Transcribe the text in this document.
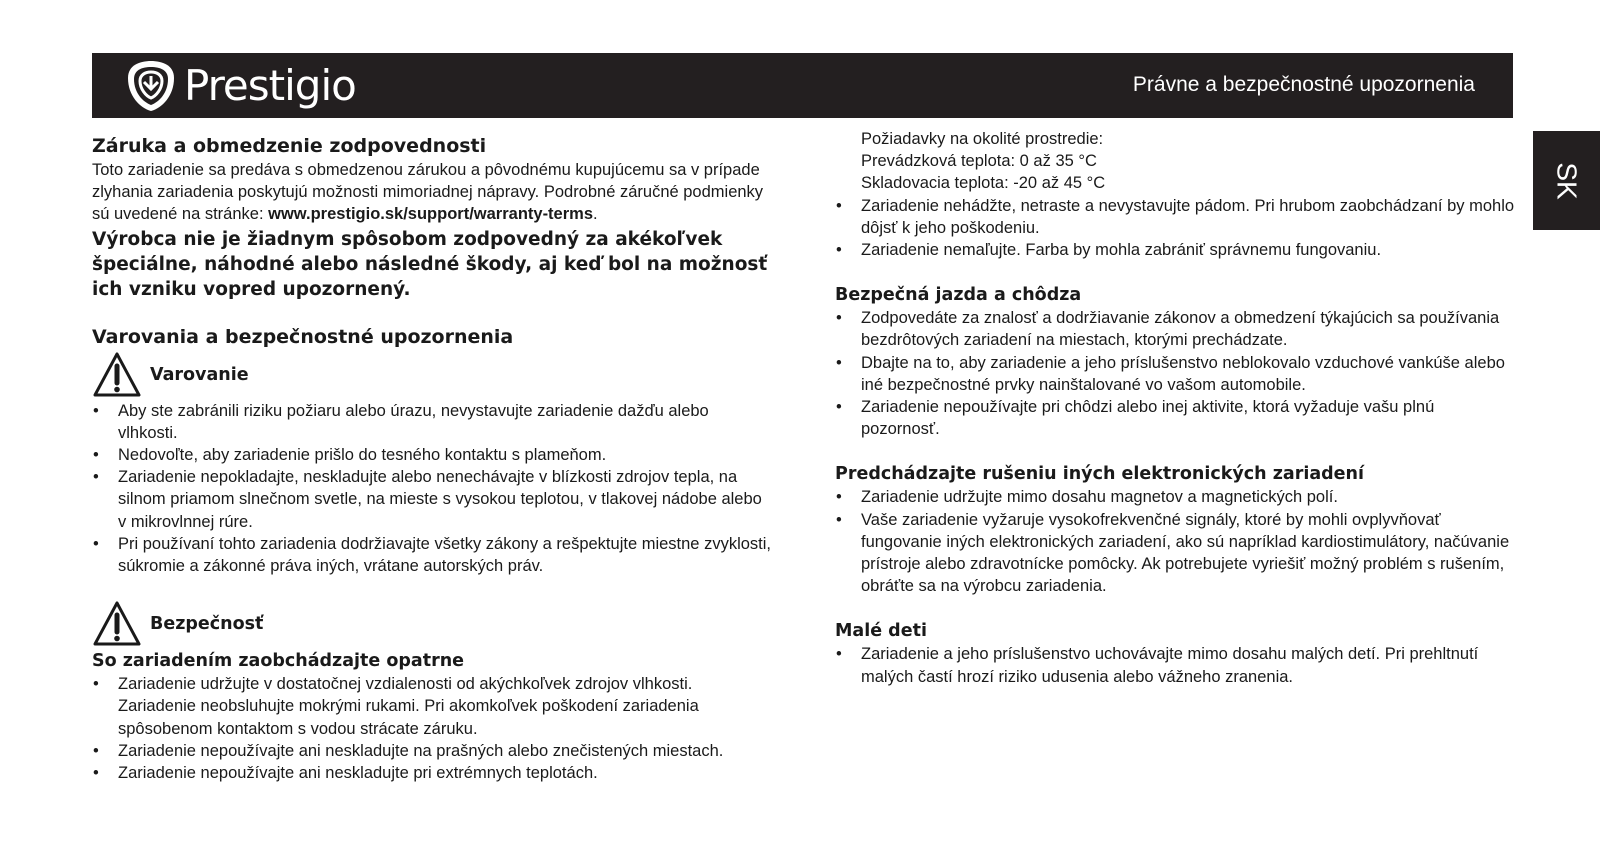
Prestigio	Právne a bezpečnostné upozornenia
SK
Záruka a obmedzenie zodpovednosti

Toto zariadenie sa predáva s obmedzenou zárukou a pôvodnému kupujúcemu sa v prípade zlyhania zariadenia poskytujú možnosti mimoriadnej nápravy. Podrobné záručné podmienky sú uvedené na stránke: www.prestigio.sk/support/warranty-terms.

Výrobca nie je žiadnym spôsobom zodpovedný za akékoľvek špeciálne, náhodné alebo následné škody, aj keď bol na možnosť ich vzniku vopred upozornený.

Varovania a bezpečnostné upozornenia
Varovanie
• Aby ste zabránili riziku požiaru alebo úrazu, nevystavujte zariadenie dažďu alebo vlhkosti.
• Nedovoľte, aby zariadenie prišlo do tesného kontaktu s plameňom.
• Zariadenie nepokladajte, neskladujte alebo nenechávajte v blízkosti zdrojov tepla, na silnom priamom slnečnom svetle, na mieste s vysokou teplotou, v tlakovej nádobe alebo v mikrovlnnej rúre.
• Pri používaní tohto zariadenia dodržiavajte všetky zákony a rešpektujte miestne zvyklosti, súkromie a zákonné práva iných, vrátane autorských práv.
Bezpečnosť
So zariadením zaobchádzajte opatrne
• Zariadenie udržujte v dostatočnej vzdialenosti od akýchkoľvek zdrojov vlhkosti. Zariadenie neobsluhujte mokrými rukami. Pri akomkoľvek poškodení zariadenia spôsobenom kontaktom s vodou strácate záruku.
• Zariadenie nepoužívajte ani neskladujte na prašných alebo znečistených miestach.
• Zariadenie nepoužívajte ani neskladujte pri extrémnych teplotách.

Požiadavky na okolité prostredie:

Prevádzková teplota: 0 až 35 °C

Skladovacia teplota: -20 až 45 °C

• Zariadenie nehádžte, netraste a nevystavujte pádom. Pri hrubom zaobchádzaní by mohlo dôjsť k jeho poškodeniu.
• Zariadenie nemaľujte. Farba by mohla zabrániť správnemu fungovaniu.
Bezpečná jazda a chôdza
• Zodpovedáte za znalosť a dodržiavanie zákonov a obmedzení týkajúcich sa používania bezdrôtových zariadení na miestach, ktorými prechádzate.
• Dbajte na to, aby zariadenie a jeho príslušenstvo neblokovalo vzduchové vankúše alebo iné bezpečnostné prvky nainštalované vo vašom automobile.
• Zariadenie nepoužívajte pri chôdzi alebo inej aktivite, ktorá vyžaduje vašu plnú pozornosť.
Predchádzajte rušeniu iných elektronických zariadení
• Zariadenie udržujte mimo dosahu magnetov a magnetických polí.
• Vaše zariadenie vyžaruje vysokofrekvenčné signály, ktoré by mohli ovplyvňovať fungovanie iných elektronických zariadení, ako sú napríklad kardiostimulátory, načúvanie prístroje alebo zdravotnícke pomôcky. Ak potrebujete vyriešiť možný problém s rušením, obráťte sa na výrobcu zariadenia.
Malé deti
• Zariadenie a jeho príslušenstvo uchovávajte mimo dosahu malých detí. Pri prehltnutí malých častí hrozí riziko udusenia alebo vážneho zranenia.
